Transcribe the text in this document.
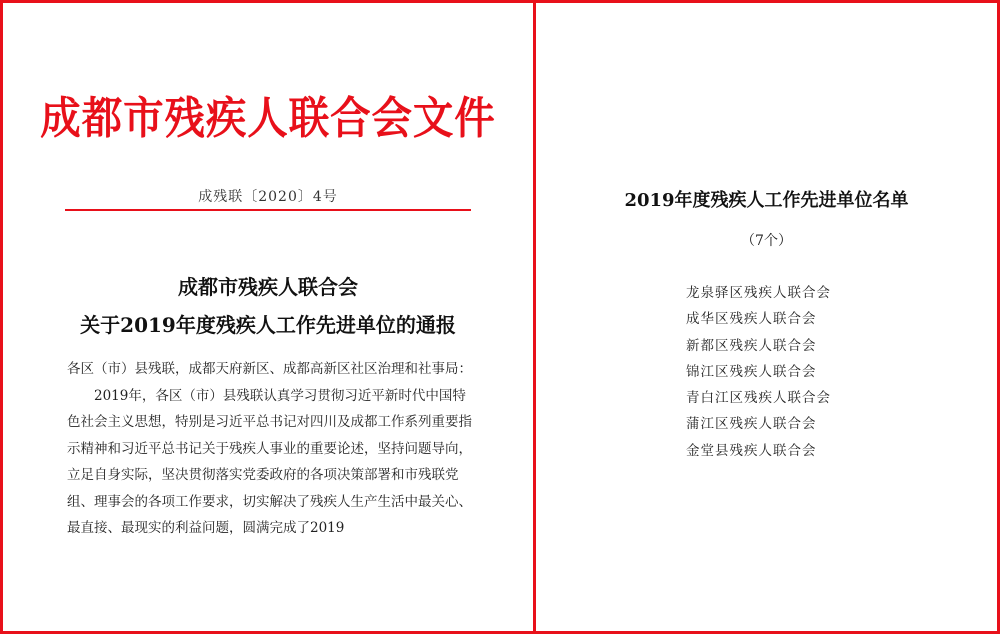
成都市残疾人联合会文件
成残联〔2020〕4号
成都市残疾人联合会
关于2019年度残疾人工作先进单位的通报

各区（市）县残联，成都天府新区、成都高新区社区治理和社事局：

2019年，各区（市）县残联认真学习贯彻习近平新时代中国特色社会主义思想，特别是习近平总书记对四川及成都工作系列重要指示精神和习近平总书记关于残疾人事业的重要论述，坚持问题导向，立足自身实际，坚决贯彻落实党委政府的各项决策部署和市残联党组、理事会的各项工作要求，切实解决了残疾人生产生活中最关心、最直接、最现实的利益问题，圆满完成了2019

2019年度残疾人工作先进单位名单
（7个）
龙泉驿区残疾人联合会
成华区残疾人联合会
新都区残疾人联合会
锦江区残疾人联合会
青白江区残疾人联合会
蒲江区残疾人联合会
金堂县残疾人联合会
